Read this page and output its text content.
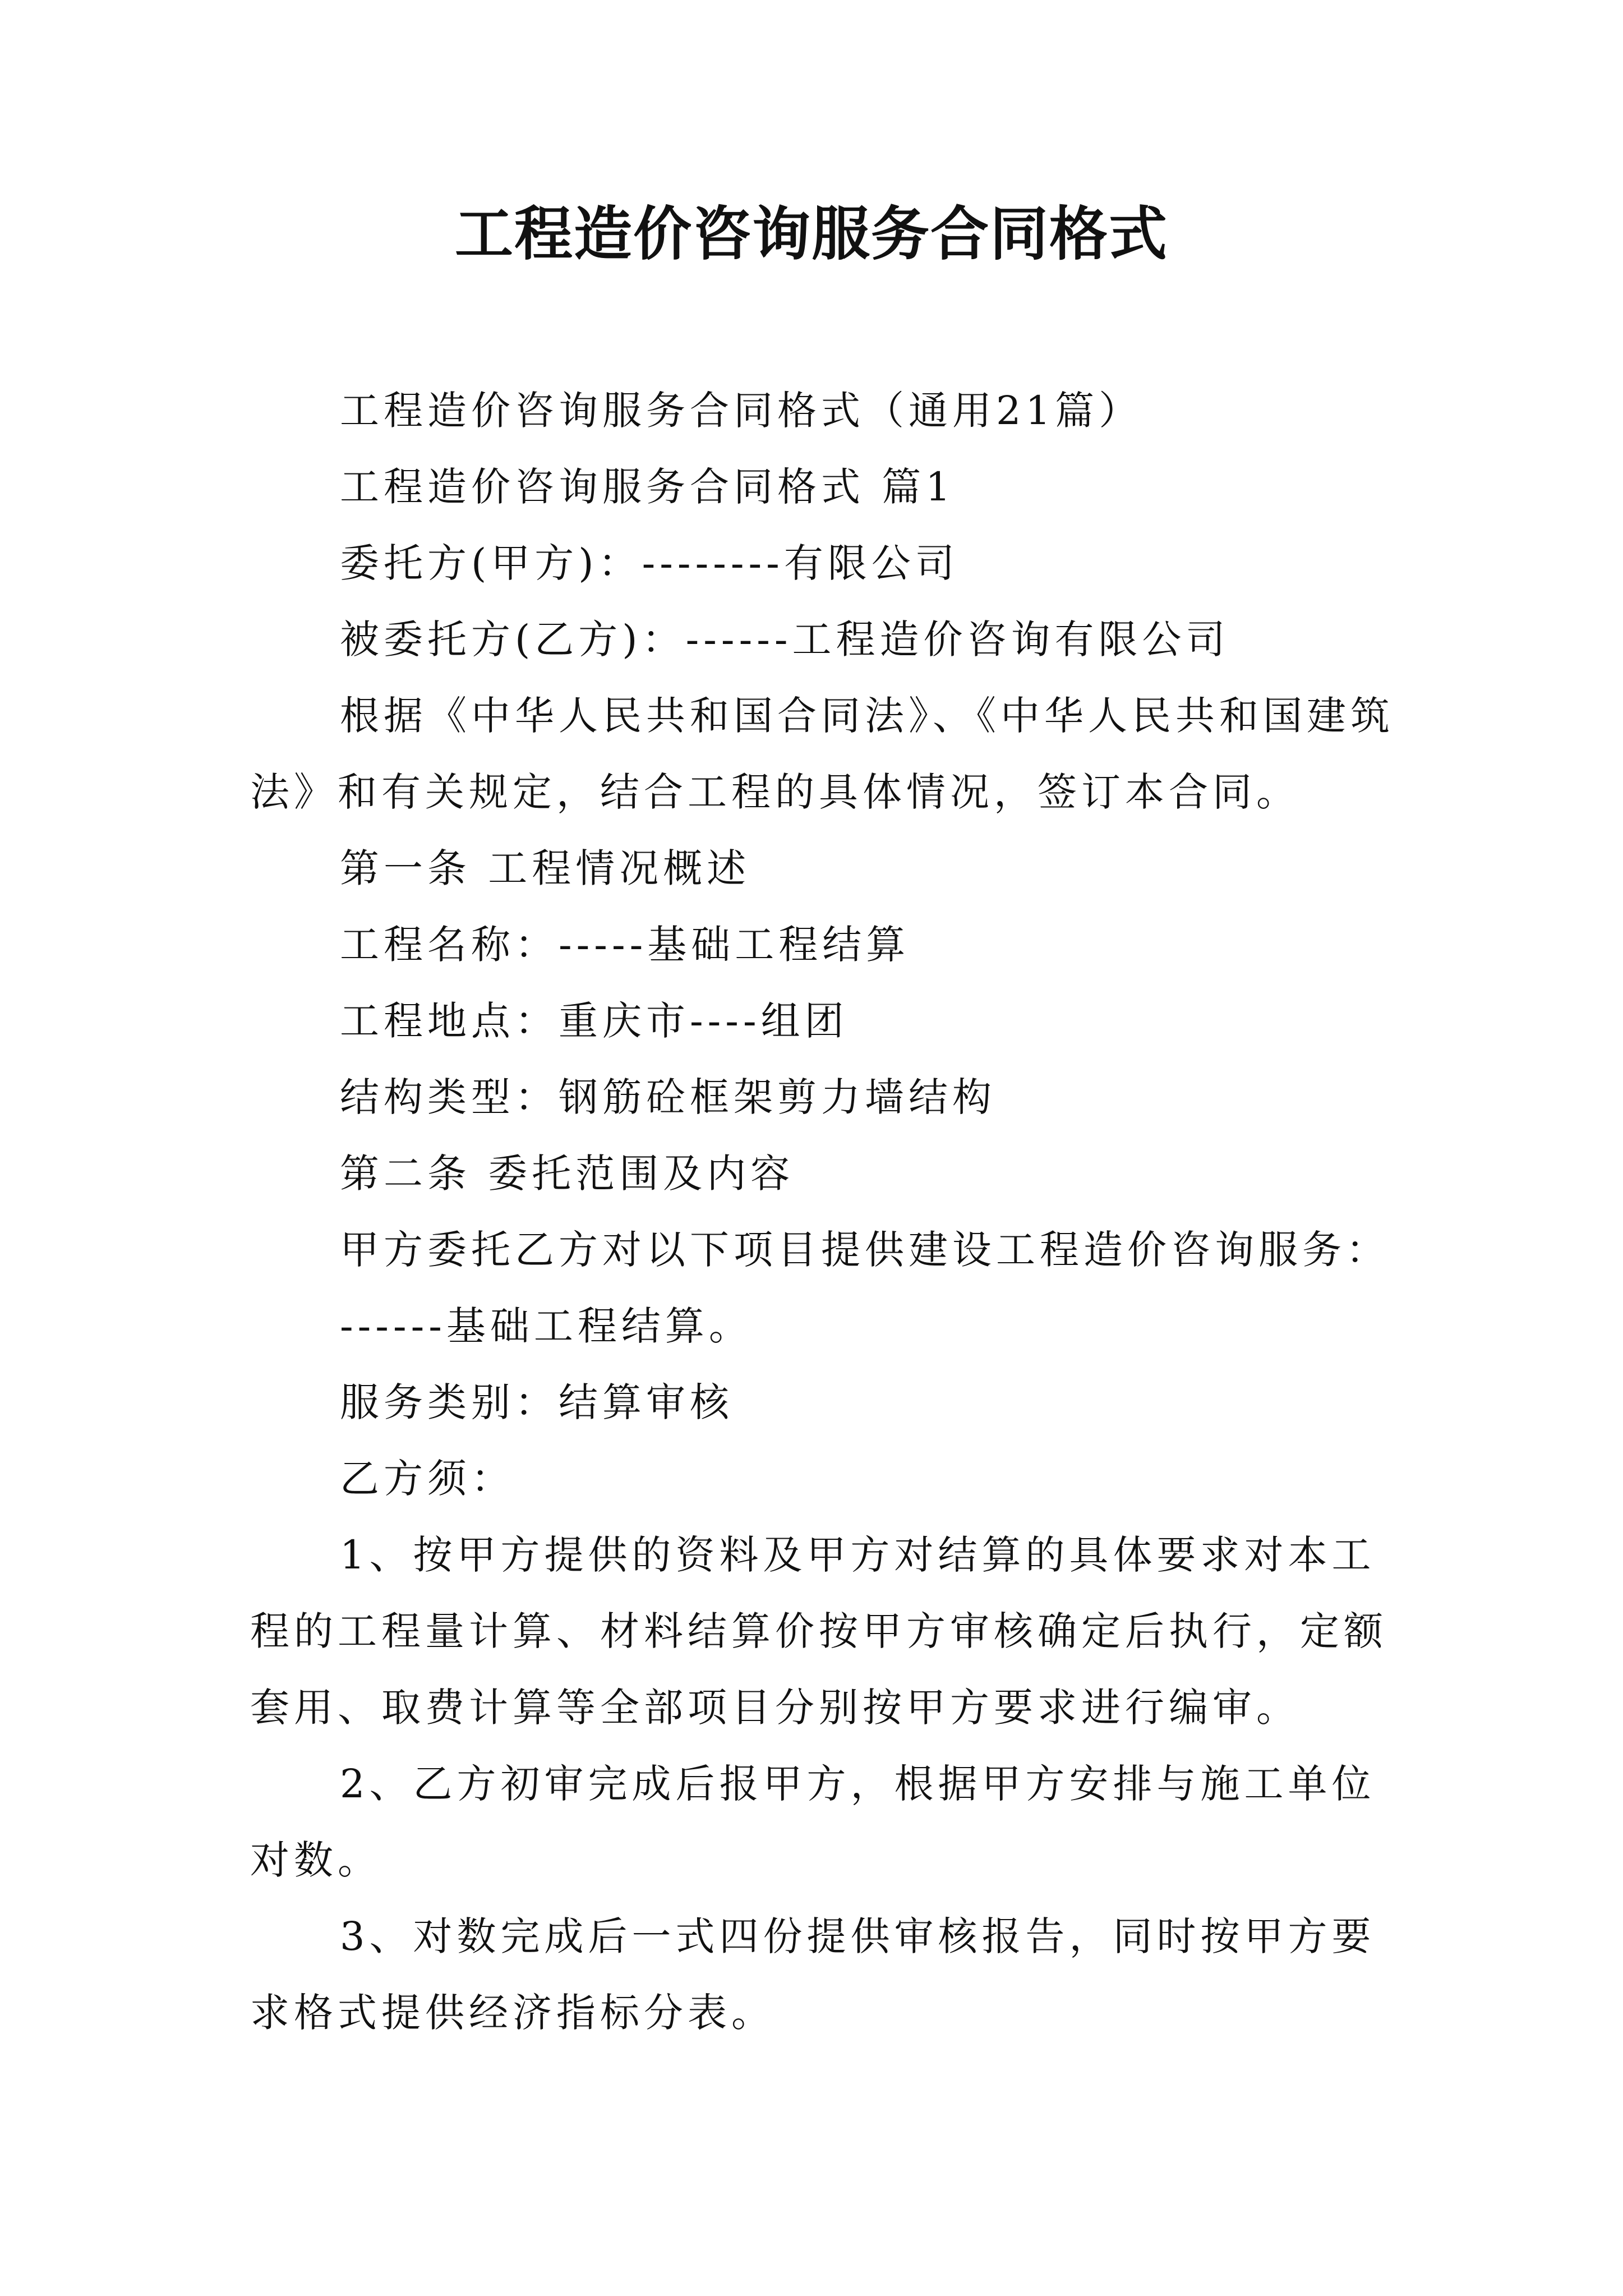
工程造价咨询服务合同格式
工程造价咨询服务合同格式（通用21篇）
工程造价咨询服务合同格式 篇1
委托方(甲方)：--------有限公司
被委托方(乙方)：------工程造价咨询有限公司
根据《中华人民共和国合同法》、《中华人民共和国建筑
法》和有关规定，结合工程的具体情况，签订本合同。
第一条 工程情况概述
工程名称：-----基础工程结算
工程地点：重庆市----组团
结构类型：钢筋砼框架剪力墙结构
第二条 委托范围及内容
甲方委托乙方对以下项目提供建设工程造价咨询服务：
------基础工程结算。
服务类别：结算审核
乙方须：
1、按甲方提供的资料及甲方对结算的具体要求对本工
程的工程量计算、材料结算价按甲方审核确定后执行，定额
套用、取费计算等全部项目分别按甲方要求进行编审。
2、乙方初审完成后报甲方，根据甲方安排与施工单位
对数。
3、对数完成后一式四份提供审核报告，同时按甲方要
求格式提供经济指标分表。
